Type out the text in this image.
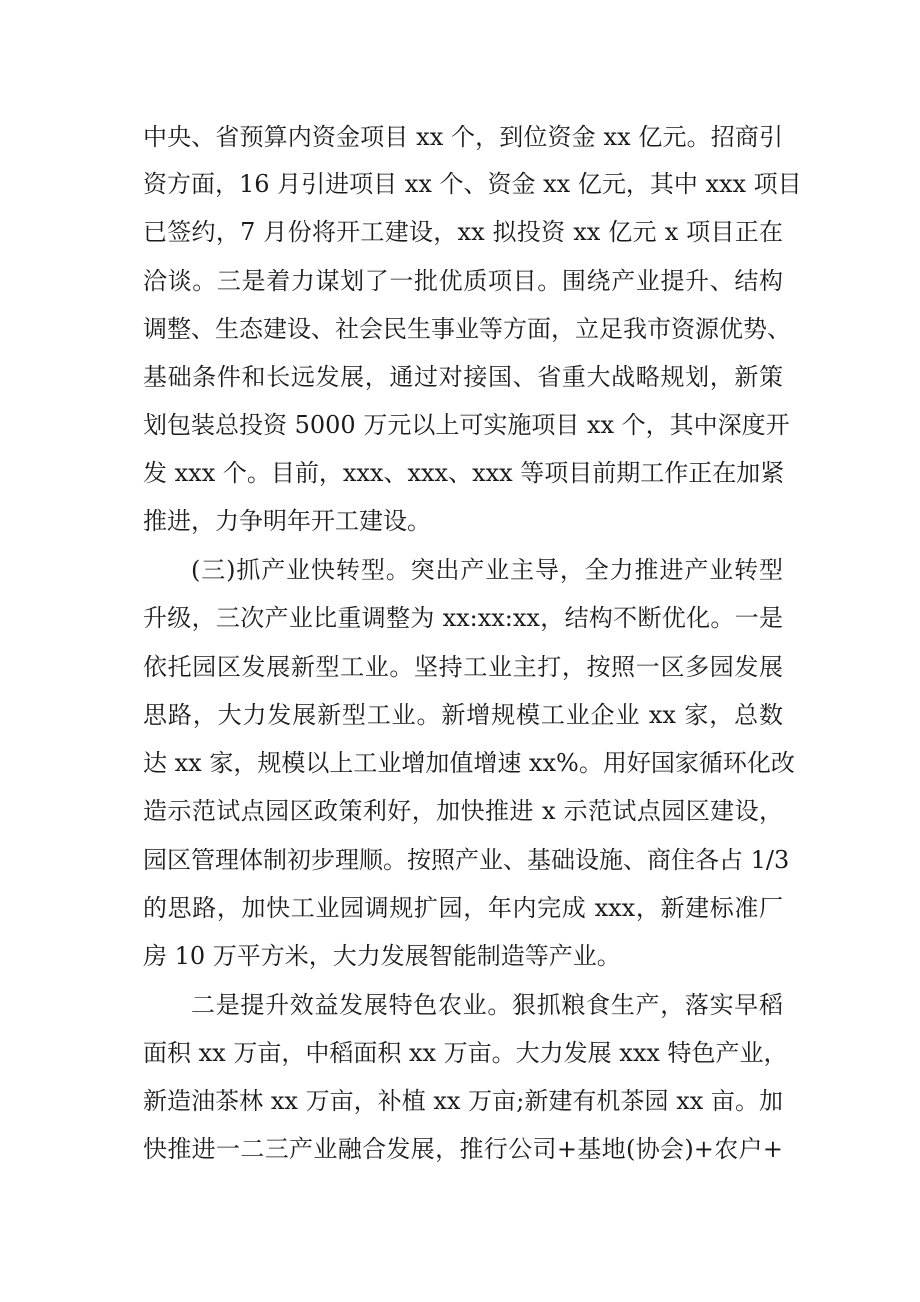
中央、省预算内资金项目 xx 个，到位资金 xx 亿元。招商引
资方面，16 月引进项目 xx 个、资金 xx 亿元，其中 xxx 项目
已签约，7 月份将开工建设，xx 拟投资 xx 亿元 x 项目正在
洽谈。三是着力谋划了一批优质项目。围绕产业提升、结构
调整、生态建设、社会民生事业等方面，立足我市资源优势、
基础条件和长远发展，通过对接国、省重大战略规划，新策
划包装总投资 5000 万元以上可实施项目 xx 个，其中深度开
发 xxx 个。目前，xxx、xxx、xxx 等项目前期工作正在加紧
推进，力争明年开工建设。
(三)抓产业快转型。突出产业主导，全力推进产业转型
升级，三次产业比重调整为 xx:xx:xx，结构不断优化。一是
依托园区发展新型工业。坚持工业主打，按照一区多园发展
思路，大力发展新型工业。新增规模工业企业 xx 家，总数
达 xx 家，规模以上工业增加值增速 xx%。用好国家循环化改
造示范试点园区政策利好，加快推进 x 示范试点园区建设，
园区管理体制初步理顺。按照产业、基础设施、商住各占 1/3
的思路，加快工业园调规扩园，年内完成 xxx，新建标准厂
房 10 万平方米，大力发展智能制造等产业。
二是提升效益发展特色农业。狠抓粮食生产，落实早稻
面积 xx 万亩，中稻面积 xx 万亩。大力发展 xxx 特色产业，
新造油茶林 xx 万亩，补植 xx 万亩;新建有机茶园 xx 亩。加
快推进一二三产业融合发展，推行公司+基地(协会)+农户+
